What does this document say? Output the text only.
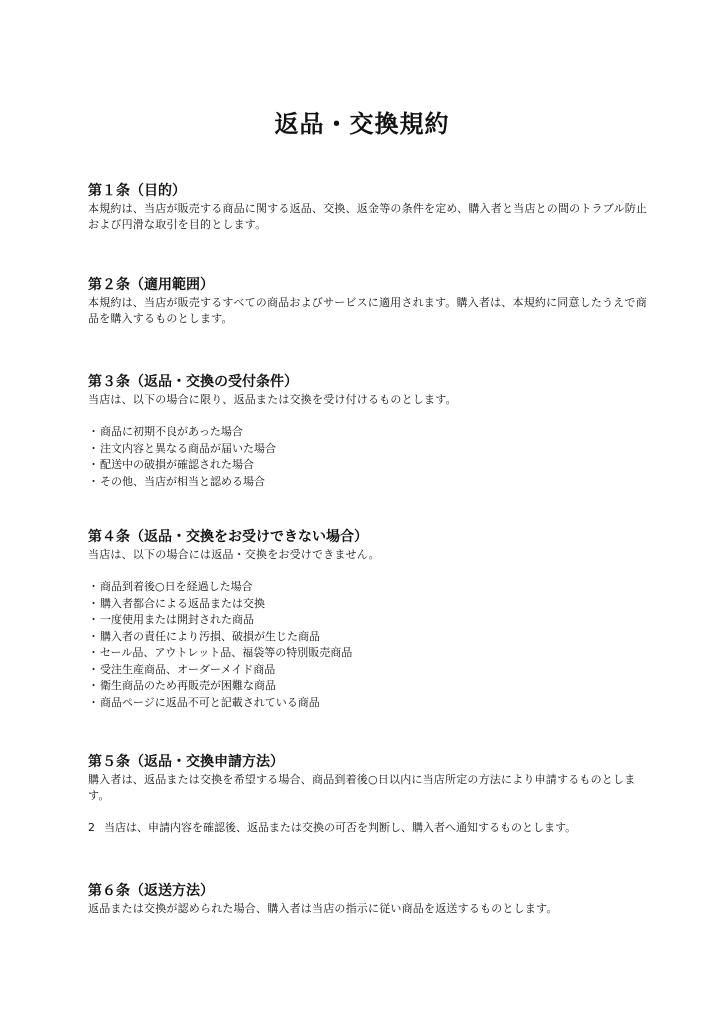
返品・交換規約
第１条（目的）

本規約は、当店が販売する商品に関する返品、交換、返金等の条件を定め、購入者と当店との間のトラブル防止および円滑な取引を目的とします。

第２条（適用範囲）

本規約は、当店が販売するすべての商品およびサービスに適用されます。購入者は、本規約に同意したうえで商品を購入するものとします。

第３条（返品・交換の受付条件）

当店は、以下の場合に限り、返品または交換を受け付けるものとします。

・商品に初期不良があった場合
・注文内容と異なる商品が届いた場合
・配送中の破損が確認された場合
・その他、当店が相当と認める場合
第４条（返品・交換をお受けできない場合）

当店は、以下の場合には返品・交換をお受けできません。

・商品到着後○日を経過した場合
・購入者都合による返品または交換
・一度使用または開封された商品
・購入者の責任により汚損、破損が生じた商品
・セール品、アウトレット品、福袋等の特別販売商品
・受注生産商品、オーダーメイド商品
・衛生商品のため再販売が困難な商品
・商品ページに返品不可と記載されている商品
第５条（返品・交換申請方法）

購入者は、返品または交換を希望する場合、商品到着後○日以内に当店所定の方法により申請するものとします。

2 当店は、申請内容を確認後、返品または交換の可否を判断し、購入者へ通知するものとします。

第６条（返送方法）

返品または交換が認められた場合、購入者は当店の指示に従い商品を返送するものとします。
